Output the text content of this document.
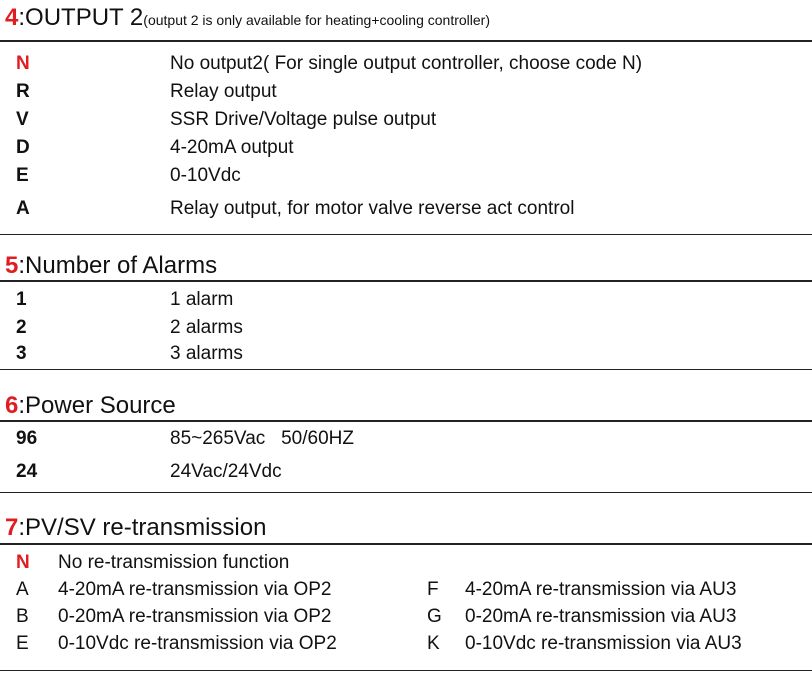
4:OUTPUT 2(output 2 is only available for heating+cooling controller)
N	No output2( For single output controller, choose code N)
R	Relay output
V	SSR Drive/Voltage pulse output
D	4-20mA output
E	0-10Vdc
A	Relay output, for motor valve reverse act control
5:Number of Alarms
1	1 alarm
2	2 alarms
3	3 alarms
6:Power Source
96	85~265Vac   50/60HZ
24	24Vac/24Vdc
7:PV/SV re-transmission
N No re-transmission function
A 4-20mA re-transmission via OP2	F 4-20mA re-transmission via AU3
B 0-20mA re-transmission via OP2	G 0-20mA re-transmission via AU3
E 0-10Vdc re-transmission via OP2	K 0-10Vdc re-transmission via AU3
